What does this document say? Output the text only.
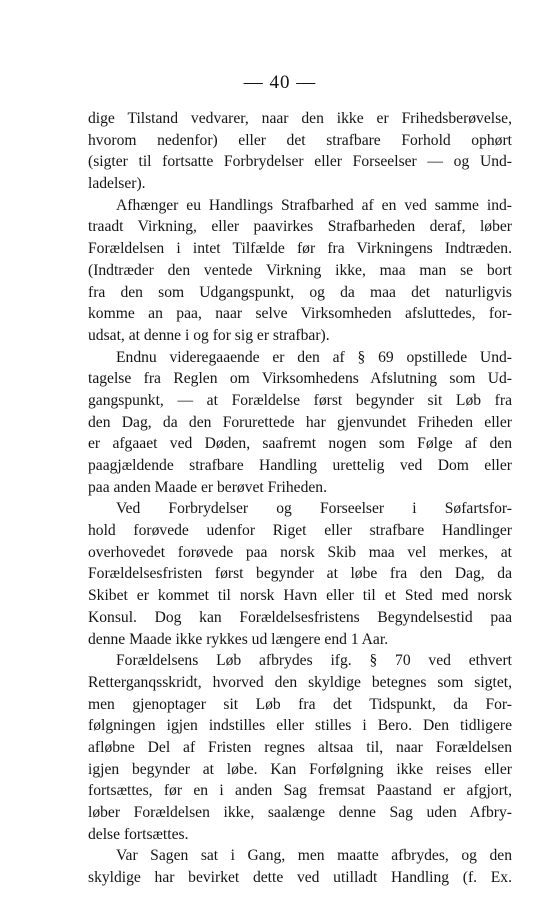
— 40 —
dige Tilstand vedvarer, naar den ikke er Frihedsberøvelse,
hvorom nedenfor) eller det strafbare Forhold ophørt
(sigter til fortsatte Forbrydelser eller Forseelser — og Und-
ladelser).
Afhænger eu Handlings Strafbarhed af en ved samme ind-
traadt Virkning, eller paavirkes Strafbarheden deraf, løber
Forældelsen i intet Tilfælde før fra Virkningens Indtræden.
(Indtræder den ventede Virkning ikke, maa man se bort
fra den som Udgangspunkt, og da maa det naturligvis
komme an paa, naar selve Virksomheden afsluttedes, for-
udsat, at denne i og for sig er strafbar).
Endnu videregaaende er den af § 69 opstillede Und-
tagelse fra Reglen om Virksomhedens Afslutning som Ud-
gangspunkt, — at Forældelse først begynder sit Løb fra
den Dag, da den Forurettede har gjenvundet Friheden eller
er afgaaet ved Døden, saafremt nogen som Følge af den
paagjældende strafbare Handling urettelig ved Dom eller
paa anden Maade er berøvet Friheden.
Ved Forbrydelser og Forseelser i Søfartsfor-
hold forøvede udenfor Riget eller strafbare Handlinger
overhovedet forøvede paa norsk Skib maa vel merkes, at
Forældelsesfristen først begynder at løbe fra den Dag, da
Skibet er kommet til norsk Havn eller til et Sted med norsk
Konsul. Dog kan Forældelsesfristens Begyndelsestid paa
denne Maade ikke rykkes ud længere end 1 Aar.
Forældelsens Løb afbrydes ifg. § 70 ved ethvert
Retterganqsskridt, hvorved den skyldige betegnes som sigtet,
men gjenoptager sit Løb fra det Tidspunkt, da For-
følgningen igjen indstilles eller stilles i Bero. Den tidligere
afløbne Del af Fristen regnes altsaa til, naar Forældelsen
igjen begynder at løbe. Kan Forfølgning ikke reises eller
fortsættes, før en i anden Sag fremsat Paastand er afgjort,
løber Forældelsen ikke, saalænge denne Sag uden Afbry-
delse fortsættes.
Var Sagen sat i Gang, men maatte afbrydes, og den
skyldige har bevirket dette ved utilladt Handling (f. Ex.
